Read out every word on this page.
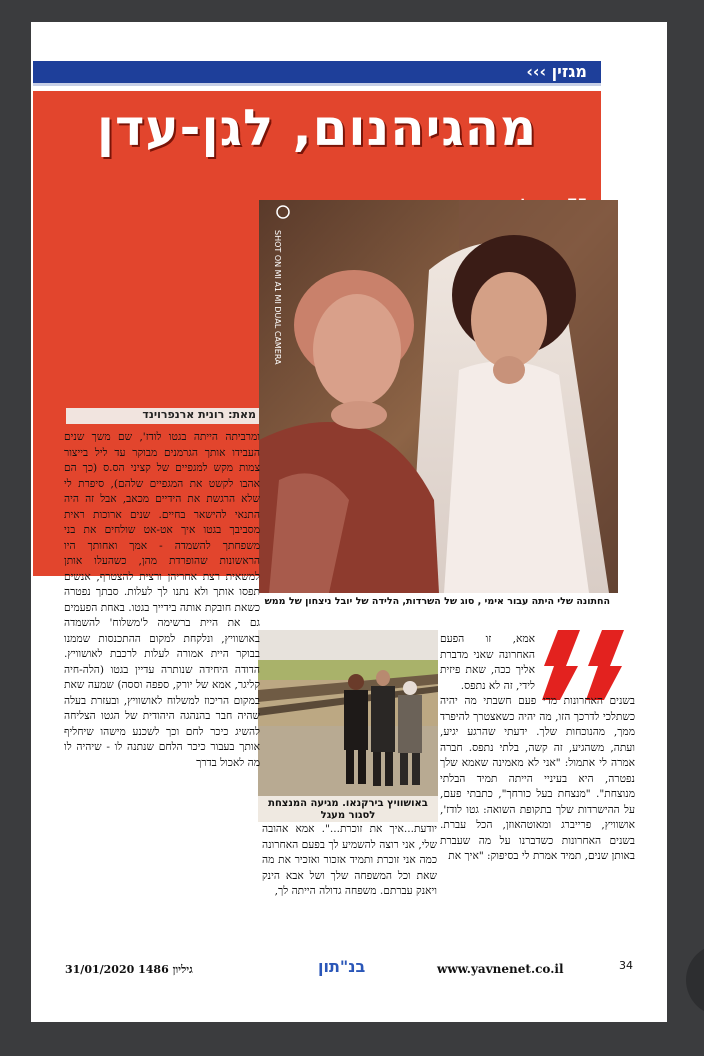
מגזין ›››
מהגיהנום, לגן-עדן
מאת: רונית ארנפרוינד
SHOT ON MI A1 MI DUAL CAMERA
החתונה שלי היתה עבור אימי , סוג של השרדות, הלידה של יובל ניצחון של ממש
באושוויץ בירקנאו. מגיעה המנצחת לסגור מעגל
ומרביתה הייתה בגטו לודז', שם משך שנים העבידו אותך הגרמנים מבוקר עד ליל בייצור צמות מקש למגפיים של קציני הס.ס (כך הם אהבו לקשט את המגפיים שלהם), סיפרת לי שלא הרגשת את הידיים מכאב, אבל זה היה התנאי להישאר בחיים. שנים ארוכות ראית מסביבך בגטו איך אט-אט שולחים את בני משפחתך להשמדה - אמך ואחותך היו הראשונות שהופרדת מהן, כשהעלו אותן למשאית רצת אחריהן ורצית להצטרף, אנשים תפסו אותך ולא נתנו לך לעלות. סבתך נפטרה כשאת חובקת אותה בידייך בגטו. באחת הפעמים גם את היית ברשימה ל'משלוח' להשמדה באושוויץ, ונלקחת למקום ההתכנסות שממנו בבוקר היית אמורה לעלות לרכבת לאושוויץ. הדודה היחידה שנותרה עדיין בגטו (הלה-חיה קליגר, אמא של יורק, ספפה וססה) שמעה שאת במקום הריכוז למשלוח לאושוויץ, ובעזרת בעלה שהיה חבר בהנהגה היהודית של הגטו הצליחה להשיג כיכר לחם וכך לשכנע מישהו שיחליף אותך בעבור כיכר הלחם שנתנה לו - שיהיה לו מה לאכול בדרך
יודעת...איך את זוכרת...". אמא אהובה שלי, אני רוצה להשמיע לך בפעם האחרונה כמה אני זוכרת ותמיד אזכור ואזכיר את מה שאת וכל המשפחה שלך ושל אבא הינק ויאנק עברתם. משפחה גדולה הייתה לך,
אמא, זו הפעם האחרונה שאני מדברת אליך ככה, שאת פיזית לידי, זה לא נתפס.
בשנים האחרונות מדי פעם חשבתי מה יהיה כשתלכי לדרכך הזו, מה יהיה כשאצטרך להיפרד ממך, מהנוכחות שלך. ידעתי שהרגע יגיע, ועתה, משהגיע, זה קשה, בלתי נתפס. חברה אמרה לי אתמול: "אני לא מאמינה שאמא שלך נפטרה, היא בעיניי הייתה תמיד הבלתי מנוצחת". "מנצחת בעל כורחך", כתבתי פעם, על ההישרדות שלך בתקופת השואה: גטו לודז', אושוויץ, פרייברג ומאוטהאוזן, הכל עברת. בשנים האחרונות כשדברנו על מה שעברת באותן שנים, תמיד אמרת לי בסיפוק: "איך את
31/01/2020 גיליון 1486	בנ"תון	www.yavnenet.co.il	34
